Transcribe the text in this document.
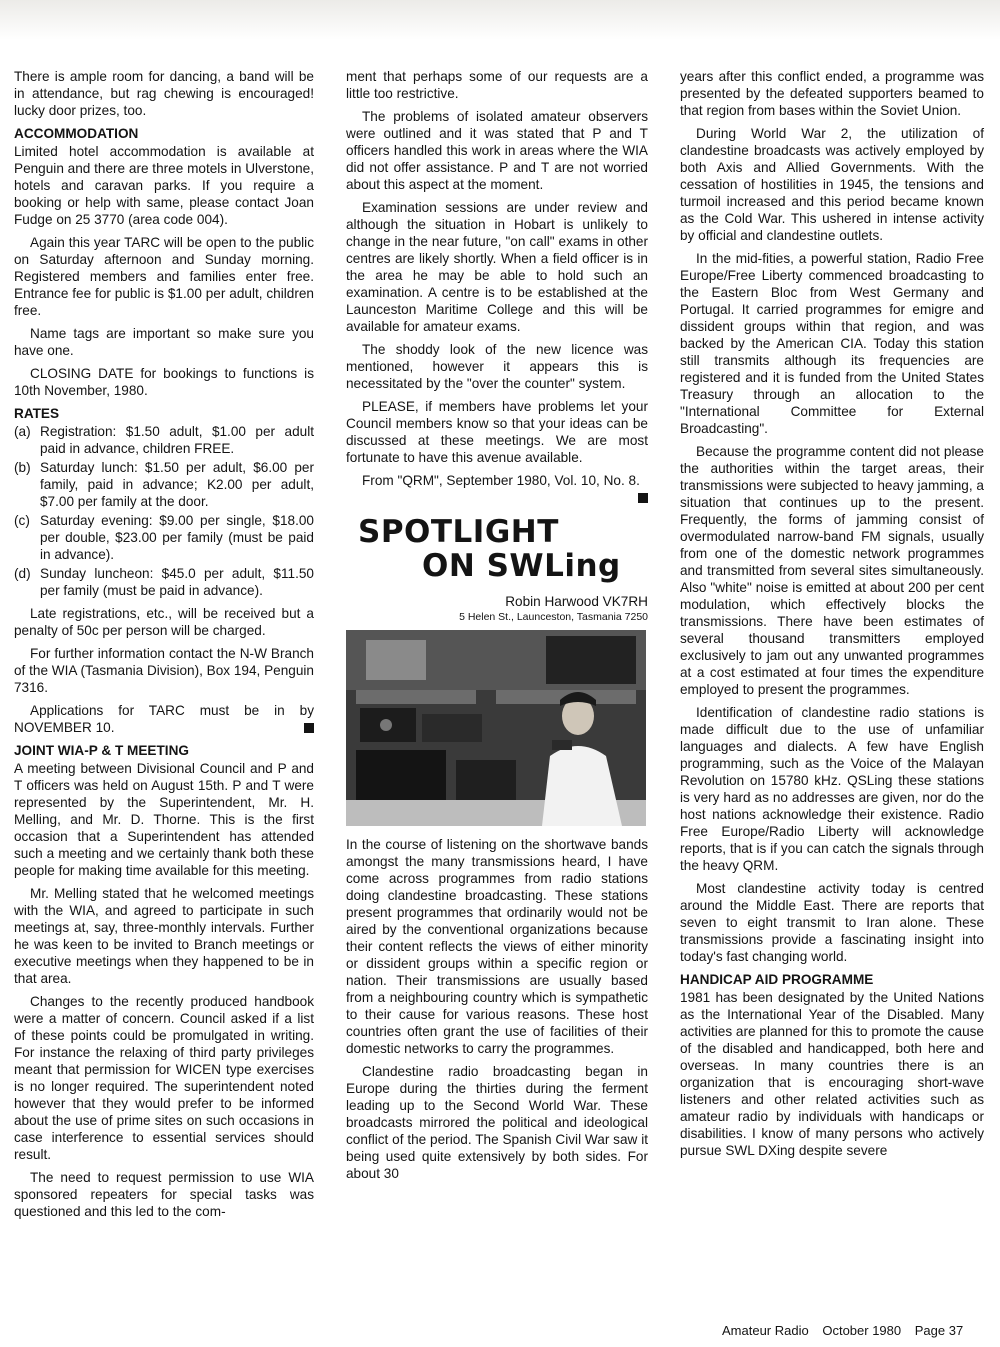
There is ample room for dancing, a band will be in attendance, but rag chewing is encouraged! lucky door prizes, too.

ACCOMMODATION

Limited hotel accommodation is available at Penguin and there are three motels in Ulverstone, hotels and caravan parks. If you require a booking or help with same, please contact Joan Fudge on 25 3770 (area code 004).

Again this year TARC will be open to the public on Saturday afternoon and Sunday morning. Registered members and families enter free. Entrance fee for public is $1.00 per adult, children free.

Name tags are important so make sure you have one.

CLOSING DATE for bookings to functions is 10th November, 1980.

RATES
(a) Registration: $1.50 adult, $1.00 per adult paid in advance, children FREE.
(b) Saturday lunch: $1.50 per adult, $6.00 per family, paid in advance; K2.00 per adult, $7.00 per family at the door.
(c) Saturday evening: $9.00 per single, $18.00 per double, $23.00 per family (must be paid in advance).
(d) Sunday luncheon: $45.0 per adult, $11.50 per family (must be paid in advance).

Late registrations, etc., will be received but a penalty of 50c per person will be charged.

For further information contact the N-W Branch of the WIA (Tasmania Division), Box 194, Penguin 7316.

Applications for TARC must be in by NOVEMBER 10.

JOINT WIA-P & T MEETING

A meeting between Divisional Council and P and T officers was held on August 15th. P and T were represented by the Superintendent, Mr. H. Melling, and Mr. D. Thorne. This is the first occasion that a Superintendent has attended such a meeting and we certainly thank both these people for making time available for this meeting.

Mr. Melling stated that he welcomed meetings with the WIA, and agreed to participate in such meetings at, say, three-monthly intervals. Further he was keen to be invited to Branch meetings or executive meetings when they happened to be in that area.

Changes to the recently produced handbook were a matter of concern. Council asked if a list of these points could be promulgated in writing. For instance the relaxing of third party privileges meant that permission for WICEN type exercises is no longer required. The superintendent noted however that they would prefer to be informed about the use of prime sites on such occasions in case interference to essential services should result.

The need to request permission to use WIA sponsored repeaters for special tasks was questioned and this led to the com-

ment that perhaps some of our requests are a little too restrictive.

The problems of isolated amateur observers were outlined and it was stated that P and T officers handled this work in areas where the WIA did not offer assistance. P and T are not worried about this aspect at the moment.

Examination sessions are under review and although the situation in Hobart is unlikely to change in the near future, "on call" exams in other centres are likely shortly. When a field officer is in the area he may be able to hold such an examination. A centre is to be established at the Launceston Maritime College and this will be available for amateur exams.

The shoddy look of the new licence was mentioned, however it appears this is necessitated by the "over the counter" system.

PLEASE, if members have problems let your Council members know so that your ideas can be discussed at these meetings. We are most fortunate to have this avenue available.

From "QRM", September 1980, Vol. 10, No. 8.

SPOTLIGHT
ON SWLing
Robin Harwood VK7RH
5 Helen St., Launceston, Tasmania 7250

In the course of listening on the shortwave bands amongst the many transmissions heard, I have come across programmes from radio stations doing clandestine broadcasting. These stations present programmes that ordinarily would not be aired by the conventional organizations because their content reflects the views of either minority or dissident groups within a specific region or nation. Their transmissions are usually based from a neighbouring country which is sympathetic to their cause for various reasons. These host countries often grant the use of facilities of their domestic networks to carry the programmes.

Clandestine radio broadcasting began in Europe during the thirties during the ferment leading up to the Second World War. These broadcasts mirrored the political and ideological conflict of the period. The Spanish Civil War saw it being used quite extensively by both sides. For about 30

years after this conflict ended, a programme was presented by the defeated supporters beamed to that region from bases within the Soviet Union.

During World War 2, the utilization of clandestine broadcasts was actively employed by both Axis and Allied Governments. With the cessation of hostilities in 1945, the tensions and turmoil increased and this period became known as the Cold War. This ushered in intense activity by official and clandestine outlets.

In the mid-fities, a powerful station, Radio Free Europe/Free Liberty commenced broadcasting to the Eastern Bloc from West Germany and Portugal. It carried programmes for emigre and dissident groups within that region, and was backed by the American CIA. Today this station still transmits although its frequencies are registered and it is funded from the United States Treasury through an allocation to the "International Committee for External Broadcasting".

Because the programme content did not please the authorities within the target areas, their transmissions were subjected to heavy jamming, a situation that continues up to the present. Frequently, the forms of jamming consist of overmodulated narrow-band FM signals, usually from one of the domestic network programmes and transmitted from several sites simultaneously. Also "white" noise is emitted at about 200 per cent modulation, which effectively blocks the transmissions. There have been estimates of several thousand transmitters employed exclusively to jam out any unwanted programmes at a cost estimated at four times the expenditure employed to present the programmes.

Identification of clandestine radio stations is made difficult due to the use of unfamiliar languages and dialects. A few have English programming, such as the Voice of the Malayan Revolution on 15780 kHz. QSLing these stations is very hard as no addresses are given, nor do the host nations acknowledge their existence. Radio Free Europe/Radio Liberty will acknowledge reports, that is if you can catch the signals through the heavy QRM.

Most clandestine activity today is centred around the Middle East. There are reports that seven to eight transmit to Iran alone. These transmissions provide a fascinating insight into today's fast changing world.

HANDICAP AID PROGRAMME

1981 has been designated by the United Nations as the International Year of the Disabled. Many activities are planned for this to promote the cause of the disabled and handicapped, both here and overseas. In many countries there is an organization that is encouraging short-wave listeners and other related activities such as amateur radio by individuals with handicaps or disabilities. I know of many persons who actively pursue SWL DXing despite severe

Amateur Radio October 1980 Page 37
